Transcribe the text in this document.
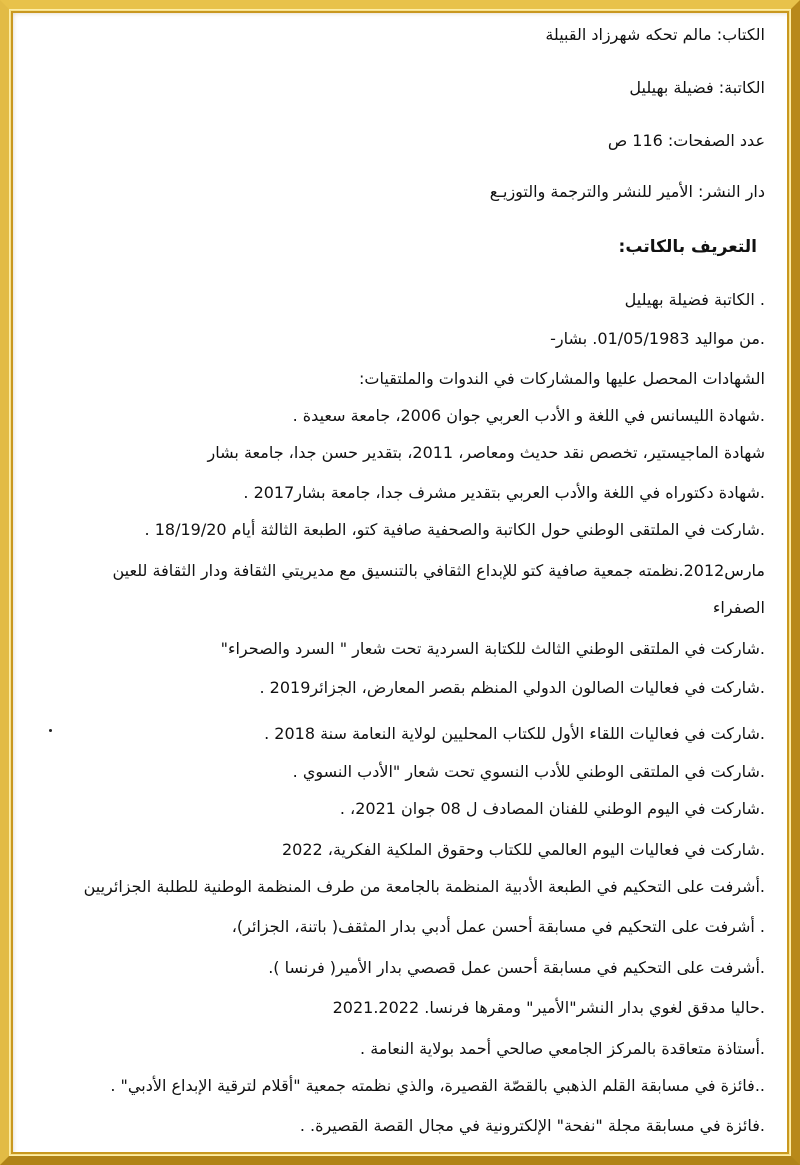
الكتاب: مالم تحكه شهرزاد القبيلة
الكاتبة: فضيلة بهيليل
عدد الصفحات: 116 ص
دار النشر: الأمير للنشر والترجمة والتوزيـع
التعريف بالكاتب:
. الكاتبة فضيلة بهيليل
.من مواليد 01/05/1983. بشار-
الشهادات المحصل عليها والمشاركات في الندوات والملتقيات:
.شهادة الليسانس في اللغة و الأدب العربي جوان 2006، جامعة سعيدة .
شهادة الماجيستير، تخصص نقد حديث ومعاصر، 2011، بتقدير حسن جدا، جامعة بشار
.شهادة دكتوراه في اللغة والأدب العربي بتقدير مشرف جدا، جامعة بشار2017 .
.شاركت في الملتقى الوطني حول الكاتبة والصحفية صافية كتو، الطبعة الثالثة أيام 18/19/20 .
مارس2012.نظمته جمعية صافية كتو للإبداع الثقافي بالتنسيق مع مديريتي الثقافة ودار الثقافة للعين
الصفراء
.شاركت في الملتقى الوطني الثالث للكتابة السردية تحت شعار " السرد والصحراء"
.شاركت في فعاليات الصالون الدولي المنظم بقصر المعارض، الجزائر2019 .
.شاركت في فعاليات اللقاء الأول للكتاب المحليين لولاية النعامة سنة 2018 .
.شاركت في الملتقى الوطني للأدب النسوي تحت شعار "الأدب النسوي .
.شاركت في اليوم الوطني للفنان المصادف ل 08 جوان 2021، .
.شاركت في فعاليات اليوم العالمي للكتاب وحقوق الملكية الفكرية، 2022
.أشرفت على التحكيم في الطبعة الأدبية المنظمة بالجامعة من طرف المنظمة الوطنية للطلبة الجزائريين
. أشرفت على التحكيم في مسابقة أحسن عمل أدبي بدار المثقف( باتنة، الجزائر)،
.أشرفت على التحكيم في مسابقة أحسن عمل قصصي بدار الأمير( فرنسا ).
.حاليا مدقق لغوي بدار النشر"الأمير" ومقرها فرنسا. 2021.2022
.أستاذة متعاقدة بالمركز الجامعي صالحي أحمد بولاية النعامة .
..فائزة في مسابقة القلم الذهبي بالقصّة القصيرة، والذي نظمته جمعية "أقلام لترقية الإبداع الأدبي" .
.فائزة في مسابقة مجلة "نفحة" الإلكترونية في مجال القصة القصيرة. .
